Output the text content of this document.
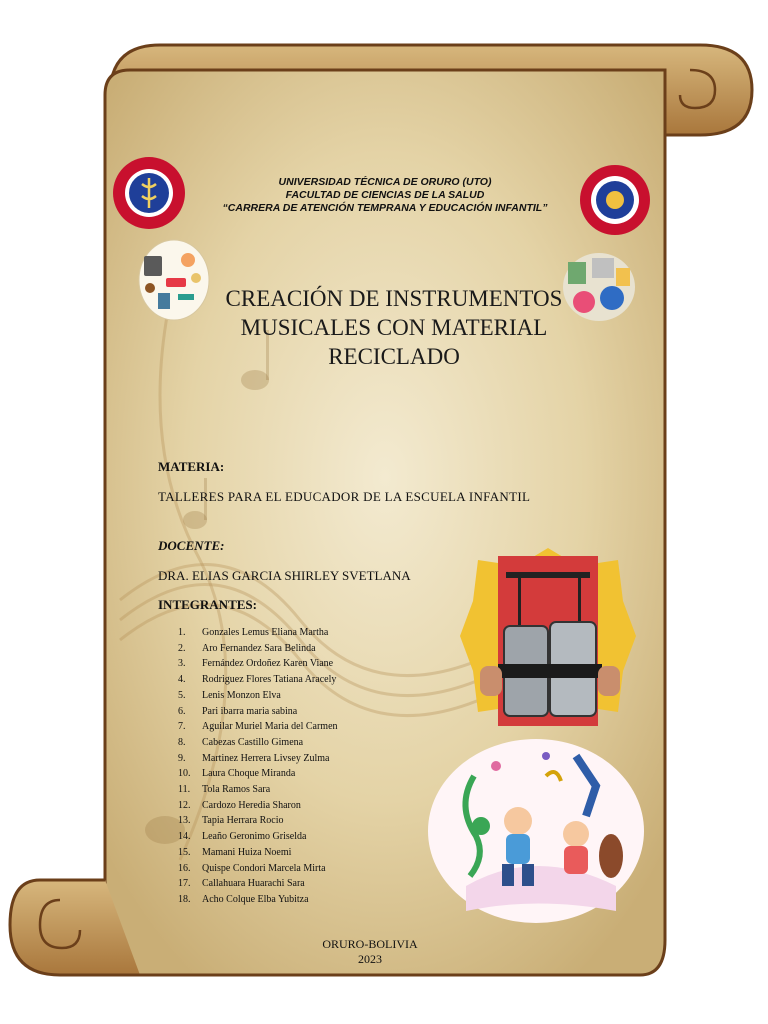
UNIVERSIDAD TÉCNICA DE ORURO (UTO)
FACULTAD DE CIENCIAS DE LA SALUD
“CARRERA DE ATENCIÓN TEMPRANA Y EDUCACIÓN INFANTIL”
CREACIÓN DE INSTRUMENTOS
MUSICALES CON MATERIAL
RECICLADO
MATERIA:
TALLERES PARA EL EDUCADOR DE LA ESCUELA INFANTIL
DOCENTE:
DRA. ELIAS GARCIA SHIRLEY SVETLANA
INTEGRANTES:
1. Gonzales Lemus Eliana Martha
2. Aro Fernandez Sara Belinda
3. Fernández Ordoñez Karen Viane
4. Rodriguez Flores Tatiana Aracely
5. Lenis Monzon Elva
6. Pari ibarra maria sabina
7. Aguilar Muriel Maria del Carmen
8. Cabezas Castillo Gimena
9. Martinez Herrera Livsey Zulma
10. Laura Choque Miranda
11. Tola Ramos Sara
12. Cardozo Heredia Sharon
13. Tapia Herrara Rocio
14. Leaño Geronimo Griselda
15. Mamani Huiza Noemi
16. Quispe Condori Marcela Mirta
17. Callahuara Huarachi Sara
18. Acho Colque Elba Yubitza
ORURO-BOLIVIA
2023
